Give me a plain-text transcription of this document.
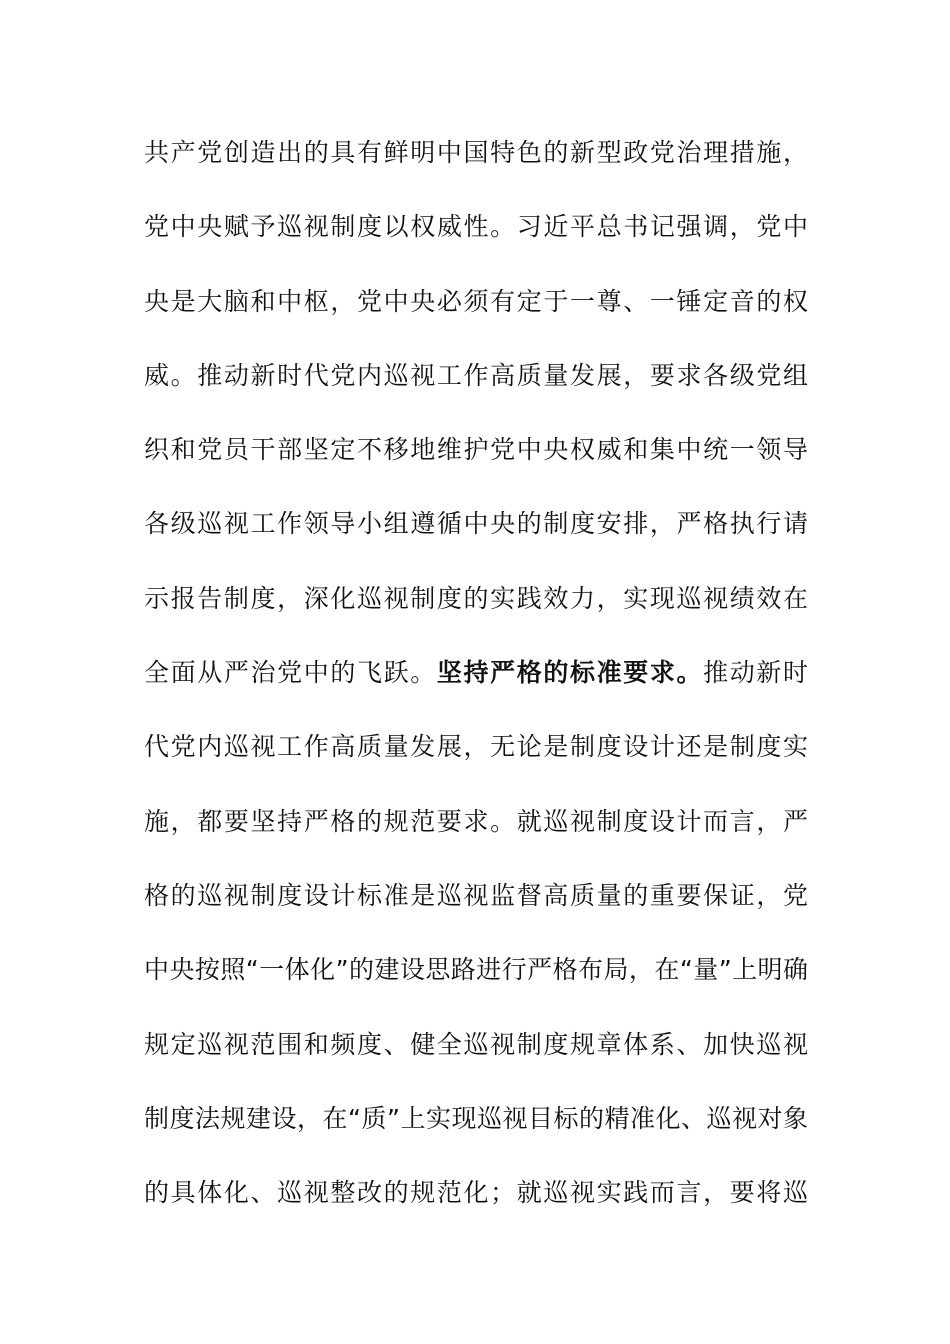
共产党创造出的具有鲜明中国特色的新型政党治理措施，
党中央赋予巡视制度以权威性。习近平总书记强调，党中
央是大脑和中枢，党中央必须有定于一尊、一锤定音的权
威。推动新时代党内巡视工作高质量发展，要求各级党组
织和党员干部坚定不移地维护党中央权威和集中统一领导
各级巡视工作领导小组遵循中央的制度安排，严格执行请
示报告制度，深化巡视制度的实践效力，实现巡视绩效在
全面从严治党中的飞跃。坚持严格的标准要求。推动新时
代党内巡视工作高质量发展，无论是制度设计还是制度实
施，都要坚持严格的规范要求。就巡视制度设计而言，严
格的巡视制度设计标准是巡视监督高质量的重要保证，党
中央按照“一体化”的建设思路进行严格布局，在“量”上明确
规定巡视范围和频度、健全巡视制度规章体系、加快巡视
制度法规建设，在“质”上实现巡视目标的精准化、巡视对象
的具体化、巡视整改的规范化；就巡视实践而言，要将巡
